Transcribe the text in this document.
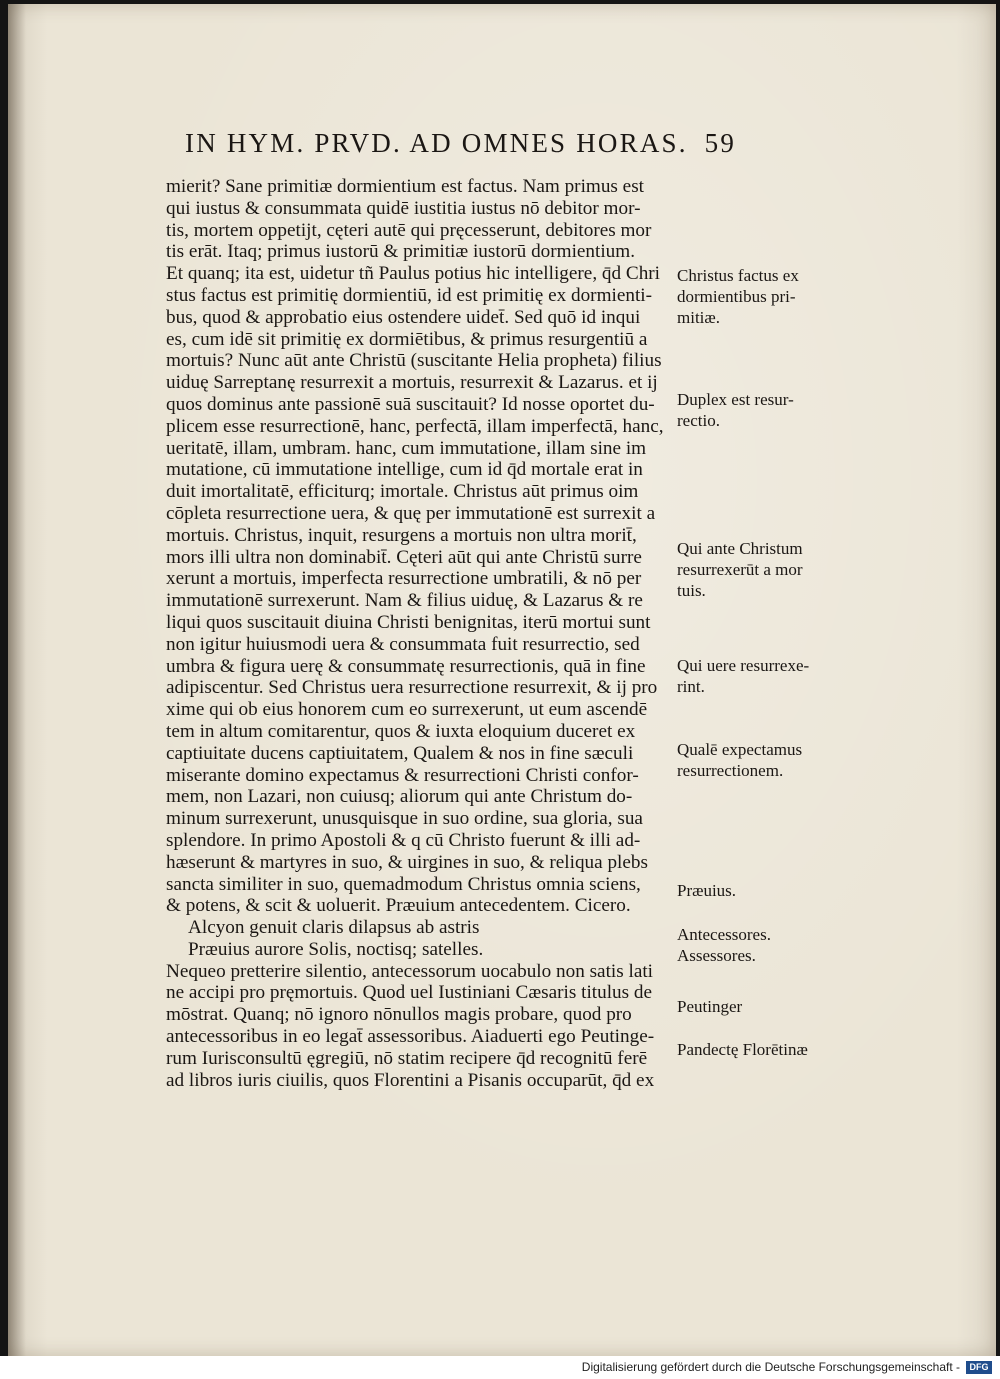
IN HYM. PRVD. AD OMNES HORAS. 59
mierit? Sane primitiæ dormientium est factus. Nam primus est
qui iustus & consummata quidē iustitia iustus nō debitor mor-
tis, mortem oppetijt, cęteri autē qui pręcesserunt, debitores mor
tis erāt. Itaq; primus iustorū & primitiæ iustorū dormientium.
Et quanq; ita est, uidetur tñ Paulus potius hic intelligere, q̄d Chri
stus factus est primitię dormientiū, id est primitię ex dormienti-
bus, quod & approbatio eius ostendere uidet̄. Sed quō id inqui
es, cum idē sit primitię ex dormiētibus, & primus resurgentiū a
mortuis? Nunc aūt ante Christū (suscitante Helia propheta) filius
uiduę Sarreptanę resurrexit a mortuis, resurrexit & Lazarus. et ij
quos dominus ante passionē suā suscitauit? Id nosse oportet du-
plicem esse resurrectionē, hanc, perfectā, illam imperfectā, hanc,
ueritatē, illam, umbram. hanc, cum immutatione, illam sine im
mutatione, cū immutatione intellige, cum id q̄d mortale erat in
duit imortalitatē, efficiturq; imortale. Christus aūt primus oim
cōpleta resurrectione uera, & quę per immutationē est surrexit a
mortuis. Christus, inquit, resurgens a mortuis non ultra morit̄,
mors illi ultra non dominabit̄. Cęteri aūt qui ante Christū surre
xerunt a mortuis, imperfecta resurrectione umbratili, & nō per
immutationē surrexerunt. Nam & filius uiduę, & Lazarus & re
liqui quos suscitauit diuina Christi benignitas, iterū mortui sunt
non igitur huiusmodi uera & consummata fuit resurrectio, sed
umbra & figura uerę & consummatę resurrectionis, quā in fine
adipiscentur. Sed Christus uera resurrectione resurrexit, & ij pro
xime qui ob eius honorem cum eo surrexerunt, ut eum ascendē
tem in altum comitarentur, quos & iuxta eloquium duceret ex
captiuitate ducens captiuitatem, Qualem & nos in fine sæculi
miserante domino expectamus & resurrectioni Christi confor-
mem, non Lazari, non cuiusq; aliorum qui ante Christum do-
minum surrexerunt, unusquisque in suo ordine, sua gloria, sua
splendore. In primo Apostoli & q cū Christo fuerunt & illi ad-
hæserunt & martyres in suo, & uirgines in suo, & reliqua plebs
sancta similiter in suo, quemadmodum Christus omnia sciens,
& potens, & scit & uoluerit. Præuium antecedentem. Cicero.
Alcyon genuit claris dilapsus ab astris
Præuius aurore Solis, noctisq; satelles.
Nequeo pretterire silentio, antecessorum uocabulo non satis lati
ne accipi pro pręmortuis. Quod uel Iustiniani Cæsaris titulus de
mōstrat. Quanq; nō ignoro nōnullos magis probare, quod pro
antecessoribus in eo legat̄ assessoribus. Aiaduerti ego Peutinge-
rum Iurisconsultū ęgregiū, nō statim recipere q̄d recognitū ferē
ad libros iuris ciuilis, quos Florentini a Pisanis occuparūt, q̄d ex
Christus factus ex
dormientibus pri-
mitiæ.
Duplex est resur-
rectio.
Qui ante Christum
resurrexerūt a mor
tuis.
Qui uere resurrexe-
rint.
Qualē expectamus
resurrectionem.
Præuius.
Antecessores.
Assessores.
Peutinger
Pandectę Florētinæ
Digitalisierung gefördert durch die Deutsche Forschungsgemeinschaft -	DFG
